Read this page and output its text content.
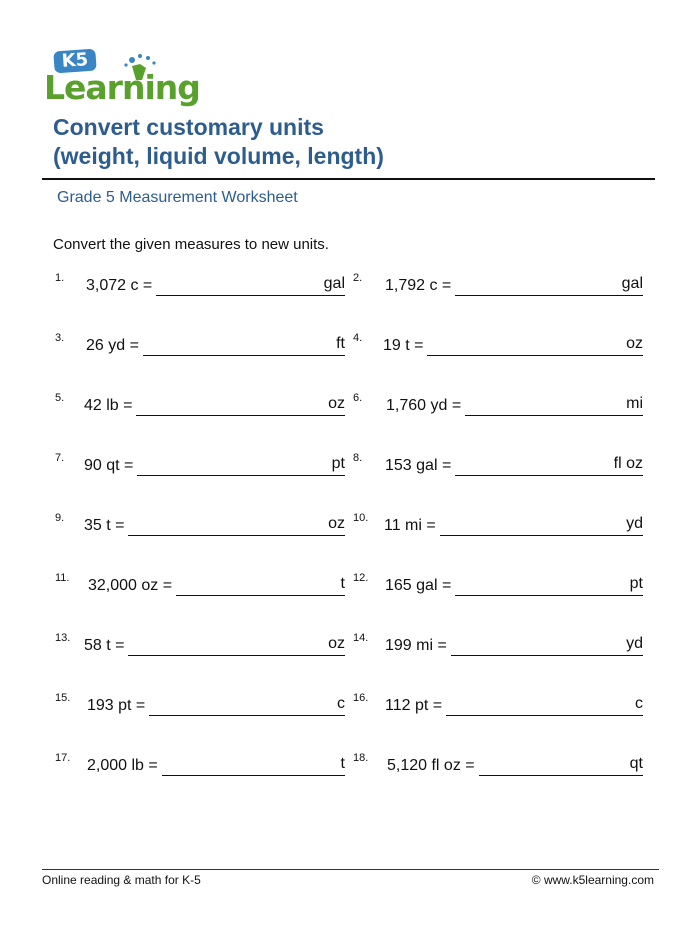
K5
Learning
Convert customary units
(weight, liquid volume, length)
Grade 5 Measurement Worksheet
Convert the given measures to new units.
1. 3,072 c =	gal
3. 26 yd =	ft
5. 42 lb =	oz
7. 90 qt =	pt
9. 35 t =	oz
11. 32,000 oz =	t
13. 58 t =	oz
15. 193 pt =	c
17. 2,000 lb =	t
2. 1,792 c =	gal
4. 19 t =	oz
6. 1,760 yd =	mi
8. 153 gal =	fl oz
10. 11 mi =	yd
12. 165 gal =	pt
14. 199 mi =	yd
16. 112 pt =	c
18. 5,120 fl oz =	qt
Online reading & math for K-5	© www.k5learning.com
